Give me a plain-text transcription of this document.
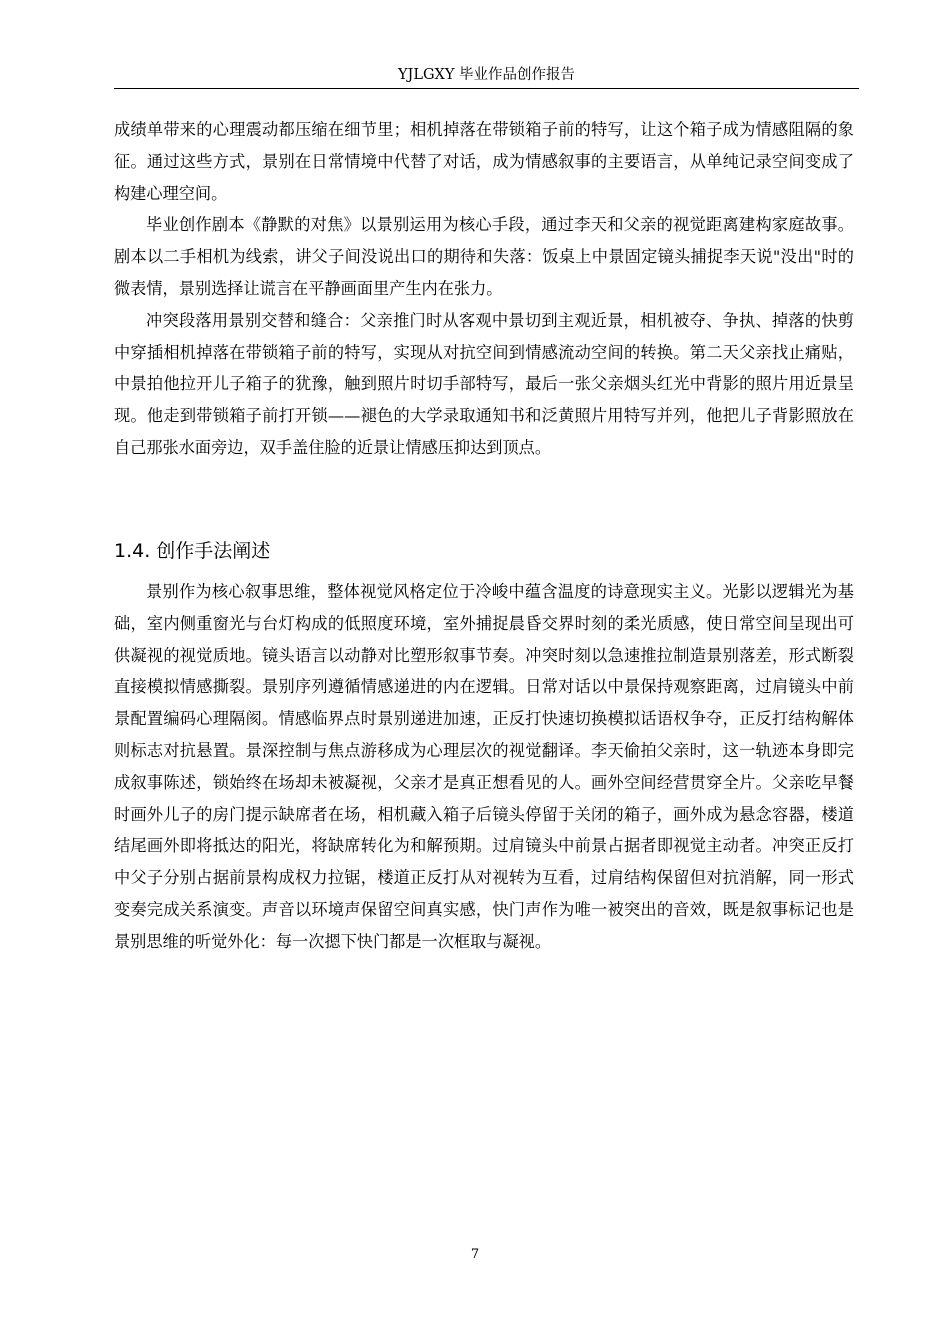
YJLGXY 毕业作品创作报告

成绩单带来的心理震动都压缩在细节里；相机掉落在带锁箱子前的特写，让这个箱子成为情感阻隔的象征。通过这些方式，景别在日常情境中代替了对话，成为情感叙事的主要语言，从单纯记录空间变成了构建心理空间。

毕业创作剧本《静默的对焦》以景别运用为核心手段，通过李天和父亲的视觉距离建构家庭故事。剧本以二手相机为线索，讲父子间没说出口的期待和失落：饭桌上中景固定镜头捕捉李天说"没出"时的微表情，景别选择让谎言在平静画面里产生内在张力。

冲突段落用景别交替和缝合：父亲推门时从客观中景切到主观近景，相机被夺、争执、掉落的快剪中穿插相机掉落在带锁箱子前的特写，实现从对抗空间到情感流动空间的转换。第二天父亲找止痛贴，中景拍他拉开儿子箱子的犹豫，触到照片时切手部特写，最后一张父亲烟头红光中背影的照片用近景呈现。他走到带锁箱子前打开锁——褪色的大学录取通知书和泛黄照片用特写并列，他把儿子背影照放在自己那张水面旁边，双手盖住脸的近景让情感压抑达到顶点。

1.4. 创作手法阐述

景别作为核心叙事思维，整体视觉风格定位于冷峻中蕴含温度的诗意现实主义。光影以逻辑光为基础，室内侧重窗光与台灯构成的低照度环境，室外捕捉晨昏交界时刻的柔光质感，使日常空间呈现出可供凝视的视觉质地。镜头语言以动静对比塑形叙事节奏。冲突时刻以急速推拉制造景别落差，形式断裂直接模拟情感撕裂。景别序列遵循情感递进的内在逻辑。日常对话以中景保持观察距离，过肩镜头中前景配置编码心理隔阂。情感临界点时景别递进加速，正反打快速切换模拟话语权争夺，正反打结构解体则标志对抗悬置。景深控制与焦点游移成为心理层次的视觉翻译。李天偷拍父亲时，这一轨迹本身即完成叙事陈述，锁始终在场却未被凝视，父亲才是真正想看见的人。画外空间经营贯穿全片。父亲吃早餐时画外儿子的房门提示缺席者在场，相机藏入箱子后镜头停留于关闭的箱子，画外成为悬念容器，楼道结尾画外即将抵达的阳光，将缺席转化为和解预期。过肩镜头中前景占据者即视觉主动者。冲突正反打中父子分别占据前景构成权力拉锯，楼道正反打从对视转为互看，过肩结构保留但对抗消解，同一形式变奏完成关系演变。声音以环境声保留空间真实感，快门声作为唯一被突出的音效，既是叙事标记也是景别思维的听觉外化：每一次摁下快门都是一次框取与凝视。

7
